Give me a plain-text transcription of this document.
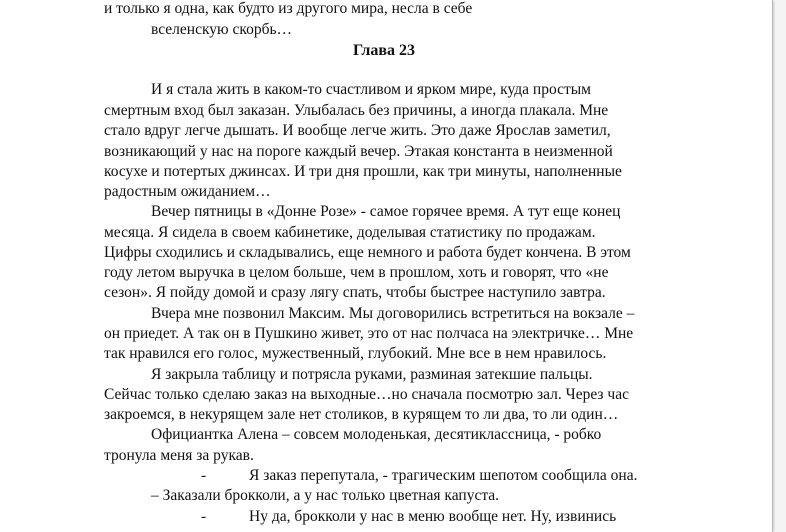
и только я одна, как будто из другого мира, несла в себе
вселенскую скорбь…
Глава 23
И я стала жить в каком-то счастливом и ярком мире, куда простым
смертным вход был заказан. Улыбалась без причины, а иногда плакала. Мне
стало вдруг легче дышать. И вообще легче жить. Это даже Ярослав заметил,
возникающий у нас на пороге каждый вечер. Этакая константа в неизменной
косухе и потертых джинсах. И три дня прошли, как три минуты, наполненные
радостным ожиданием…
Вечер пятницы в «Донне Розе» - самое горячее время. А тут еще конец
месяца. Я сидела в своем кабинетике, доделывая статистику по продажам.
Цифры сходились и складывались, еще немного и работа будет кончена. В этом
году летом выручка в целом больше, чем в прошлом, хоть и говорят, что «не
сезон». Я пойду домой и сразу лягу спать, чтобы быстрее наступило завтра.
Вчера мне позвонил Максим. Мы договорились встретиться на вокзале –
он приедет. А так он в Пушкино живет, это от нас полчаса на электричке… Мне
так нравился его голос, мужественный, глубокий. Мне все в нем нравилось.
Я закрыла таблицу и потрясла руками, разминая затекшие пальцы.
Сейчас только сделаю заказ на выходные…но сначала посмотрю зал. Через час
закроемся, в некурящем зале нет столиков, в курящем то ли два, то ли один…
Официантка Алена – совсем молоденькая, десятиклассница, - робко
тронула меня за рукав.
-	Я заказ перепутала, - трагическим шепотом сообщила она.
– Заказали брокколи, а у нас только цветная капуста.
-	Ну да, брокколи у нас в меню вообще нет. Ну, извинись
